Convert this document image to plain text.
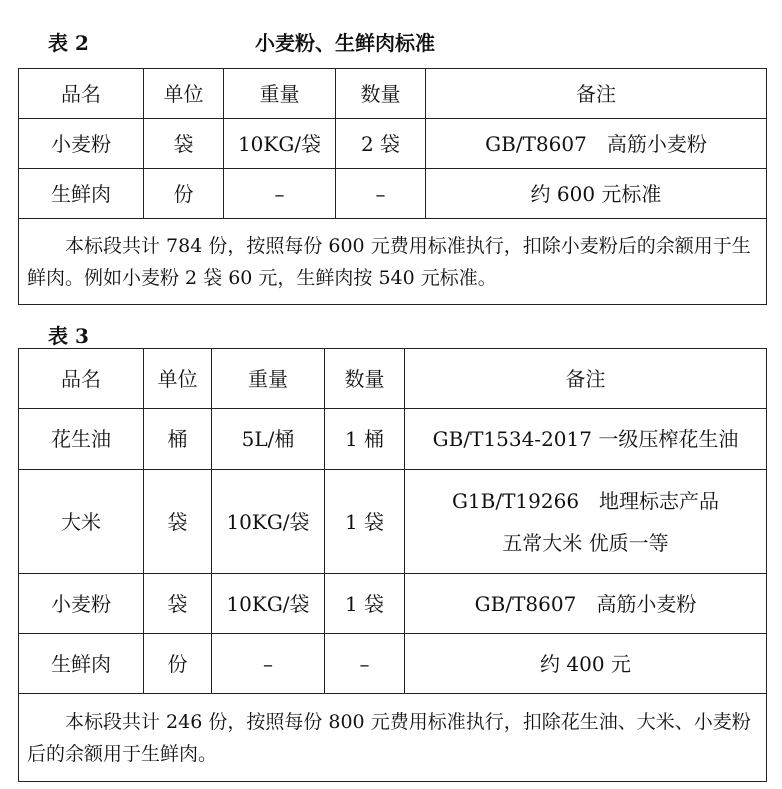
表 2	小麦粉、生鲜肉标准
品名	单位	重量	数量	备注
小麦粉	袋	10KG/袋	2 袋	GB/T8607　高筋小麦粉
生鲜肉	份	–	–	约 600 元标准
本标段共计 784 份，按照每份 600 元费用标准执行，扣除小麦粉后的余额用于生鲜肉。例如小麦粉 2 袋 60 元，生鲜肉按 540 元标准。				
表 3
品名	单位	重量	数量	备注
花生油	桶	5L/桶	1 桶	GB/T1534-2017 一级压榨花生油
大米	袋	10KG/袋	1 袋	G1B/T19266　地理标志产品
五常大米 优质一等

小麦粉	袋	10KG/袋	1 袋	GB/T8607　高筋小麦粉
生鲜肉	份	–	–	约 400 元
本标段共计 246 份，按照每份 800 元费用标准执行，扣除花生油、大米、小麦粉后的余额用于生鲜肉。				
